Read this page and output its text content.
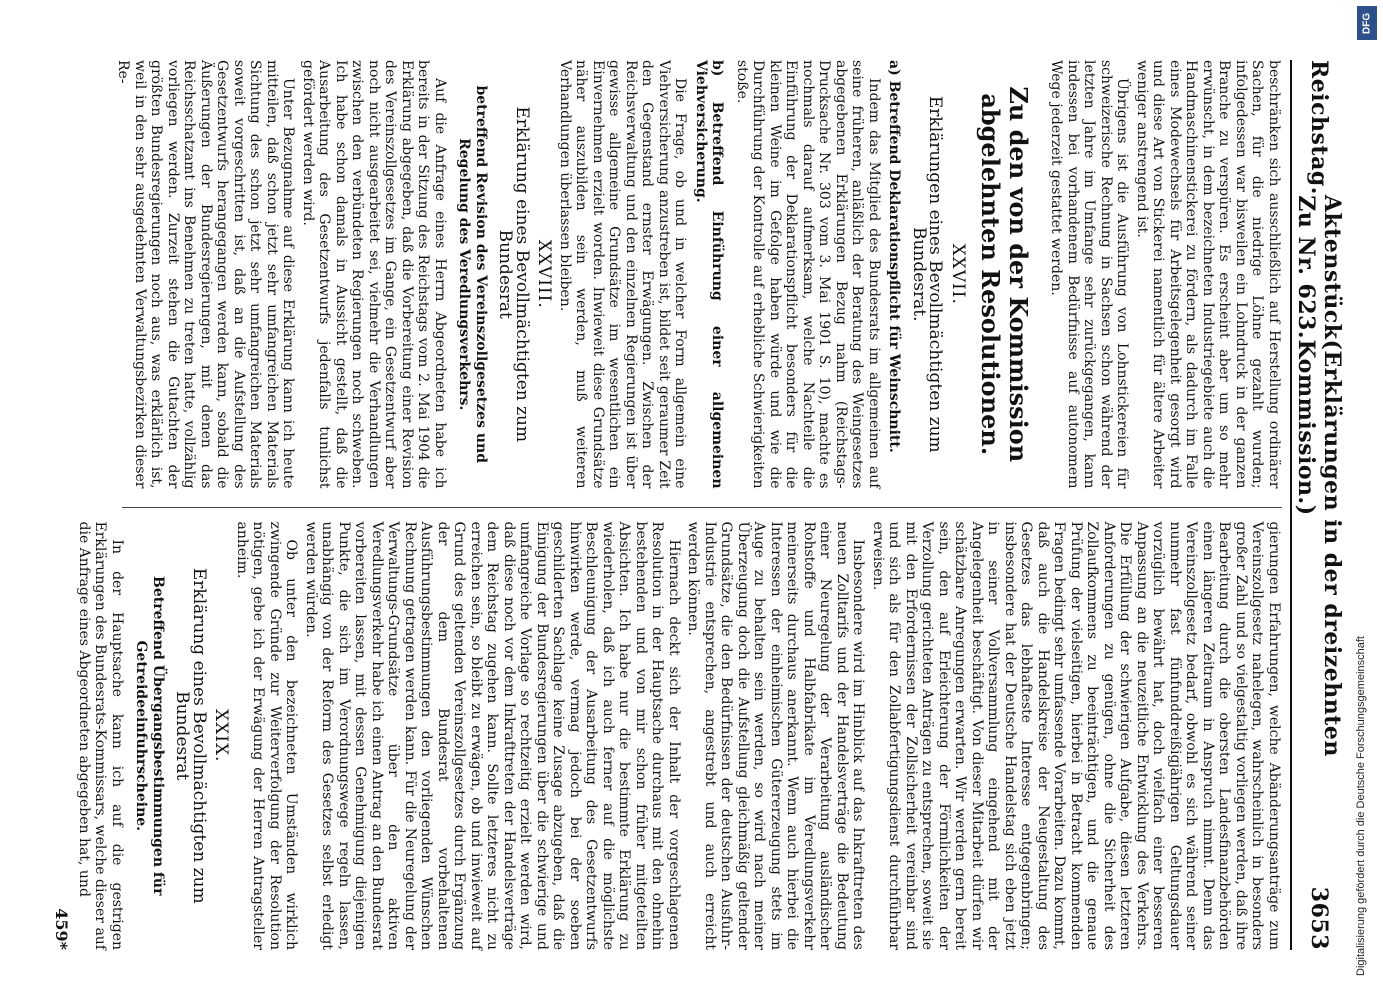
Reichstag.
Aktenstück Zu Nr. 623.
(Erklärungen in der dreizehnten Kommission.)
3653

beschränken sich ausschließlich auf Herstellung ordinärer Sachen, für die niedrige Löhne gezahlt wurden; infolgedessen war bisweilen ein Lohndruck in der ganzen Branche zu verspüren. Es erscheint aber um so mehr erwünscht, in dem bezeichneten Industriegebiete auch die Handmaschinenstickerei zu fördern, als dadurch im Falle eines Modewechsels für Arbeitsgelegenheit gesorgt wird und diese Art von Stickerei namentlich für ältere Arbeiter weniger anstrengend ist.

Übrigens ist die Ausführung von Lohnstickereien für schweizerische Rechnung in Sachsen schon während der letzten Jahre im Umfange sehr zurückgegangen, kann indessen bei vorhandenem Bedürfnisse auf autonomem Wege jederzeit gestattet werden.

Zu den von der Kommission abgelehnten Resolutionen.
XXVII.
Erklärungen eines Bevollmächtigten zum Bundesrat.
a) Betreffend Deklarationspflicht für Weinschnitt.

Indem das Mitglied des Bundesrats im allgemeinen auf seine früheren, anläßlich der Beratung des Weingesetzes abgegebenen Erklärungen Bezug nahm (Reichstags-Drucksache Nr. 303 vom 3. Mai 1901 S. 10), machte es nochmals darauf aufmerksam, welche Nachteile die Einführung der Deklarationspflicht besonders für die kleinen Weine im Gefolge haben würde und wie die Durchführung der Kontrolle auf erhebliche Schwierigkeiten stoße.

b) Betreffend Einführung einer allgemeinen Viehversicherung.

Die Frage, ob und in welcher Form allgemein eine Viehversicherung anzustreben ist, bildet seit geraumer Zeit den Gegenstand ernster Erwägungen. Zwischen der Reichsverwaltung und den einzelnen Regierungen ist über gewisse allgemeine Grundsätze im wesentlichen ein Einvernehmen erzielt worden. Inwieweit diese Grundsätze näher auszubilden sein werden, muß weiteren Verhandlungen überlassen bleiben.

XXVIII.
Erklärung eines Bevollmächtigten zum Bundesrat
betreffend Revision des Vereinszollgesetzes und Regelung des Veredlungsverkehrs.

Auf die Anfrage eines Herrn Abgeordneten habe ich bereits in der Sitzung des Reichstags vom 2. Mai 1904 die Erklärung abgegeben, daß die Vorbereitung einer Revision des Vereinszollgesetzes im Gange, ein Gesetzentwurf aber noch nicht ausgearbeitet sei, vielmehr die Verhandlungen zwischen den verbündeten Regierungen noch schweben. Ich habe schon damals in Aussicht gestellt, daß die Ausarbeitung des Gesetzentwurfs jedenfalls tunlichst gefördert werden wird.

Unter Bezugnahme auf diese Erklärung kann ich heute mitteilen, daß schon jetzt sehr umfangreichen Materials Sichtung des schon jetzt sehr umfangreichen Materials soweit vorgeschritten ist, daß an die Aufstellung des Gesetzentwurfs herangegangen werden kann, sobald die Äußerungen der Bundesregierungen, mit denen das Reichsschatzamt ins Benehmen zu treten hatte, vollzählig vorliegen werden. Zurzeit stehen die Gutachten der größten Bundesregierungen noch aus, was erklärlich ist, weil in den sehr ausgedehnten Verwaltungsbezirken dieser Re-

gierungen Erfahrungen, welche Abänderungsanträge zum Vereinszollgesetz nahelegen, wahrscheinlich in besonders großer Zahl und so vielgestaltig vorliegen werden, daß ihre Bearbeitung durch die obersten Landesfinanzbehörden einen längeren Zeitraum in Anspruch nimmt. Denn das Vereinszollgesetz bedarf, obwohl es sich während seiner nunmehr fast fünfunddreißigjährigen Geltungsdauer vorzüglich bewährt hat, doch vielfach einer besseren Anpassung an die neuzeitliche Entwicklung des Verkehrs. Die Erfüllung der schwierigen Aufgabe, diesen letzteren Anforderungen zu genügen, ohne die Sicherheit des Zollaufkommens zu beeinträchtigen, und die genaue Prüfung der vielseitigen, hierbei in Betracht kommenden Fragen bedingt sehr umfassende Vorarbeiten. Dazu kommt, daß auch die Handelskreise der Neugestaltung des Gesetzes das lebhafteste Interesse entgegenbringen; insbesondere hat der Deutsche Handelstag sich eben jetzt in seiner Vollversammlung eingehend mit der Angelegenheit beschäftigt. Von dieser Mitarbeit dürfen wir schätzbare Anregungen erwarten. Wir werden gern bereit sein, den auf Erleichterung der Förmlichkeiten der Verzollung gerichteten Anträgen zu entsprechen, soweit sie mit den Erfordernissen der Zollsicherheit vereinbar sind und sich als für den Zollabfertigungsdienst durchführbar erweisen.

Insbesondere wird im Hinblick auf das Inkrafttreten des neuen Zolltarifs und der Handelsverträge die Bedeutung einer Neuregelung der Verarbeitung ausländischer Rohstoffe und Halbfabrikate im Veredlungsverkehr meinerseits durchaus anerkannt. Wenn auch hierbei die Interessen der einheimischen Gütererzeugung stets im Auge zu behalten sein werden, so wird nach meiner Überzeugung doch die Aufstellung gleichmäßig geltender Grundsätze, die den Bedürfnissen der deutschen Ausfuhr-Industrie entsprechen, angestrebt und auch erreicht werden können.

Hiernach deckt sich der Inhalt der vorgeschlagenen Resolution in der Hauptsache durchaus mit den ohnehin bestehenden und von mir schon früher mitgeteilten Absichten. Ich habe nur die bestimmte Erklärung zu wiederholen, daß ich auch ferner auf die möglichste Beschleunigung der Ausarbeitung des Gesetzentwurfs hinwirken werde, vermag jedoch bei der soeben geschilderten Sachlage keine Zusage abzugeben, daß die Einigung der Bundesregierungen über die schwierige und umfangreiche Vorlage so rechtzeitig erzielt werden wird, daß diese noch vor dem Inkrafttreten der Handelsverträge dem Reichstag zugehen kann. Sollte letzteres nicht zu erreichen sein, so bleibt zu erwägen, ob und inwieweit auf Grund des geltenden Vereinszollgesetzes durch Ergänzung der dem Bundesrat vorbehaltenen Ausführungsbestimmungen den vorliegenden Wünschen Rechnung getragen werden kann. Für die Neuregelung der Verwaltungs-Grundsätze über den aktiven Veredlungsverkehr habe ich einen Antrag an den Bundesrat vorbereiten lassen, mit dessen Genehmigung diejenigen Punkte, die sich im Verordnungswege regeln lassen, unabhängig von der Reform des Gesetzes selbst erledigt werden würden.

Ob unter den bezeichneten Umständen wirklich zwingende Gründe zur Weiterverfolgung der Resolution nötigen, gebe ich der Erwägung der Herren Antragsteller anheim.

XXIX.
Erklärung eines Bevollmächtigten zum Bundesrat
Betreffend Übergangsbestimmungen für Getreideeinfuhrscheine.

In der Hauptsache kann ich auf die gestrigen Erklärungen des Bundesrats-Kommissars, welche dieser auf die Anfrage eines Abgeordneten abgegeben hat, und

459*
DFG
Digitalisierung gefördert durch die Deutsche Forschungsgemeinschaft
